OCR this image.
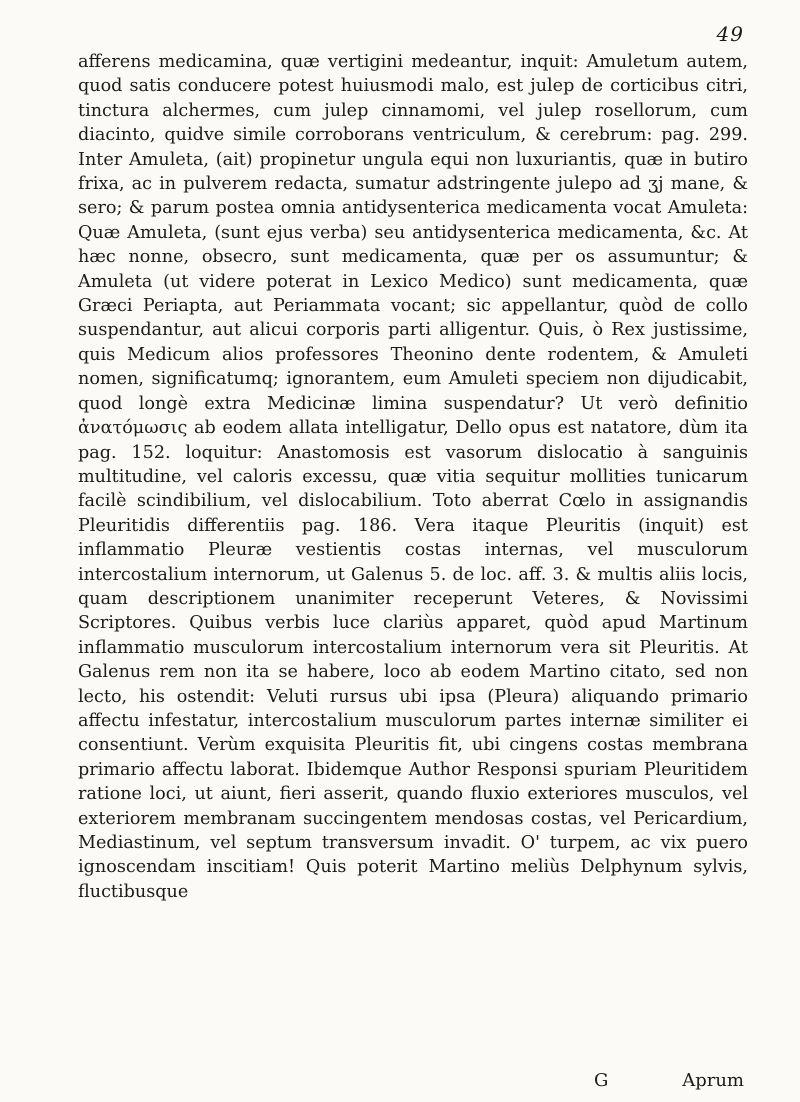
49

afferens medicamina, quæ vertigini medeantur, inquit: Amuletum autem, quod satis conducere potest huiusmodi malo, est julep de corticibus citri, tinctura alchermes, cum julep cinnamomi, vel julep rosellorum, cum diacinto, quidve simile corroborans ventriculum, & cerebrum: pag. 299. Inter Amuleta, (ait) propinetur ungula equi non luxuriantis, quæ in butiro frixa, ac in pulverem redacta, sumatur adstringente julepo ad ʒj mane, & sero; & parum postea omnia antidysenterica medicamenta vocat Amuleta: Quæ Amuleta, (sunt ejus verba) seu antidysenterica medicamenta, &c. At hæc nonne, obsecro, sunt medicamenta, quæ per os assumuntur; & Amuleta (ut videre poterat in Lexico Medico) sunt medicamenta, quæ Græci Periapta, aut Periammata vocant; sic appellantur, quòd de collo suspendantur, aut alicui corporis parti alligentur. Quis, ò Rex justissime, quis Medicum alios professores Theonino dente rodentem, & Amuleti nomen, significatumq; ignorantem, eum Amuleti speciem non dijudicabit, quod longè extra Medicinæ limina suspendatur? Ut verò definitio ἀνατόμωσις ab eodem allata intelligatur, Dello opus est natatore, dùm ita pag. 152. loquitur: Anastomosis est vasorum dislocatio à sanguinis multitudine, vel caloris excessu, quæ vitia sequitur mollities tunicarum facilè scindibilium, vel dislocabilium. Toto aberrat Cœlo in assignandis Pleuritidis differentiis pag. 186. Vera itaque Pleuritis (inquit) est inflammatio Pleuræ vestientis costas internas, vel musculorum intercostalium internorum, ut Galenus 5. de loc. aff. 3. & multis aliis locis, quam descriptionem unanimiter receperunt Veteres, & Novissimi Scriptores. Quibus verbis luce clariùs apparet, quòd apud Martinum inflammatio musculorum intercostalium internorum vera sit Pleuritis. At Galenus rem non ita se habere, loco ab eodem Martino citato, sed non lecto, his ostendit: Veluti rursus ubi ipsa (Pleura) aliquando primario affectu infestatur, intercostalium musculorum partes internæ similiter ei consentiunt. Verùm exquisita Pleuritis fit, ubi cingens costas membrana primario affectu laborat. Ibidemque Author Responsi spuriam Pleuritidem ratione loci, ut aiunt, fieri asserit, quando fluxio exteriores musculos, vel exteriorem membranam succingentem mendosas costas, vel Pericardium, Mediastinum, vel septum transversum invadit. O' turpem, ac vix puero ignoscendam inscitiam! Quis poterit Martino meliùs Delphynum sylvis, fluctibusque

G	Aprum
